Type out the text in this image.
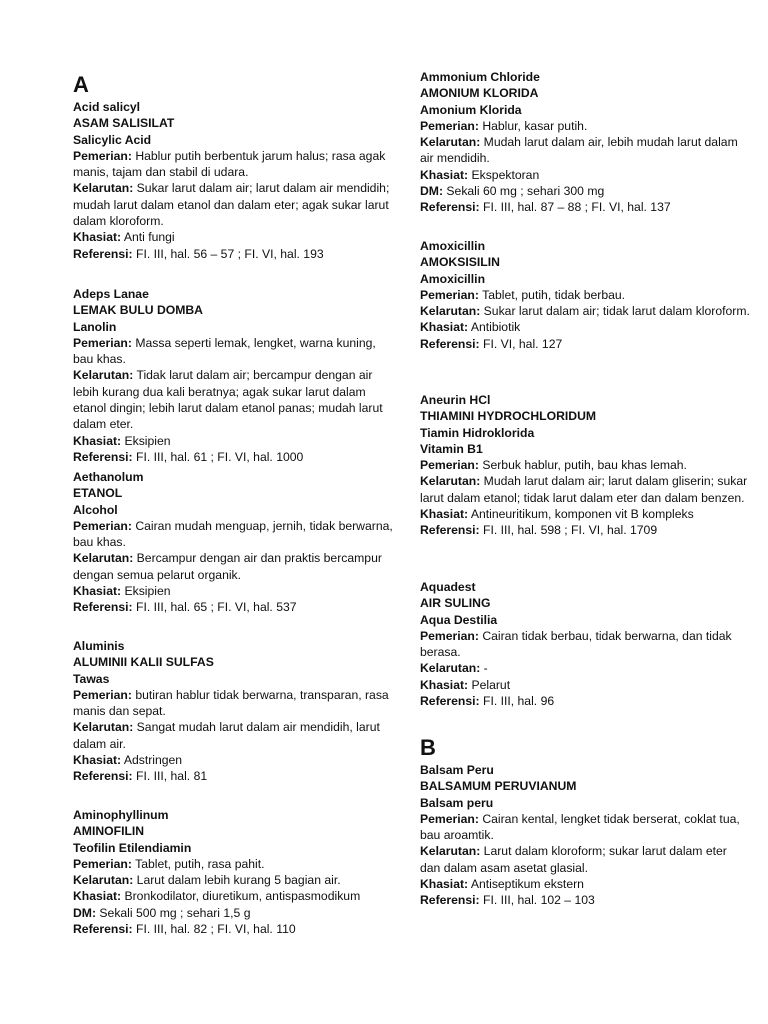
A
Acid salicyl
ASAM SALISILAT
Salicylic Acid
Pemerian: Hablur putih berbentuk jarum halus; rasa agak manis, tajam dan stabil di udara.
Kelarutan: Sukar larut dalam air; larut dalam air mendidih; mudah larut dalam etanol dan dalam eter; agak sukar larut dalam kloroform.
Khasiat: Anti fungi
Referensi: FI. III, hal. 56 – 57 ; FI. VI, hal. 193
Adeps Lanae
LEMAK BULU DOMBA
Lanolin
Pemerian: Massa seperti lemak, lengket, warna kuning, bau khas.
Kelarutan: Tidak larut dalam air; bercampur dengan air lebih kurang dua kali beratnya; agak sukar larut dalam etanol dingin; lebih larut dalam etanol panas; mudah larut dalam eter.
Khasiat: Eksipien
Referensi: FI. III, hal. 61 ; FI. VI, hal. 1000
Aethanolum
ETANOL
Alcohol
Pemerian: Cairan mudah menguap, jernih, tidak berwarna, bau khas.
Kelarutan: Bercampur dengan air dan praktis bercampur dengan semua pelarut organik.
Khasiat: Eksipien
Referensi: FI. III, hal. 65 ; FI. VI, hal. 537
Aluminis
ALUMINII KALII SULFAS
Tawas
Pemerian: butiran hablur tidak berwarna, transparan, rasa manis dan sepat.
Kelarutan: Sangat mudah larut dalam air mendidih, larut dalam air.
Khasiat: Adstringen
Referensi: FI. III, hal. 81
Aminophyllinum
AMINOFILIN
Teofilin Etilendiamin
Pemerian: Tablet, putih, rasa pahit.
Kelarutan: Larut dalam lebih kurang 5 bagian air.
Khasiat: Bronkodilator, diuretikum, antispasmodikum
DM: Sekali 500 mg ; sehari 1,5 g
Referensi: FI. III, hal. 82 ; FI. VI, hal. 110
Ammonium Chloride
AMONIUM KLORIDA
Amonium Klorida
Pemerian: Hablur, kasar putih.
Kelarutan: Mudah larut dalam air, lebih mudah larut dalam air mendidih.
Khasiat: Ekspektoran
DM: Sekali 60 mg ; sehari 300 mg
Referensi: FI. III, hal. 87 – 88 ; FI. VI, hal. 137
Amoxicillin
AMOKSISILIN
Amoxicillin
Pemerian: Tablet, putih, tidak berbau.
Kelarutan: Sukar larut dalam air; tidak larut dalam kloroform.
Khasiat: Antibiotik
Referensi: FI. VI, hal. 127
Aneurin HCl
THIAMINI HYDROCHLORIDUM
Tiamin Hidroklorida
Vitamin B1
Pemerian: Serbuk hablur, putih, bau khas lemah.
Kelarutan: Mudah larut dalam air; larut dalam gliserin; sukar larut dalam etanol; tidak larut dalam eter dan dalam benzen.
Khasiat: Antineuritikum, komponen vit B kompleks
Referensi: FI. III, hal. 598 ; FI. VI, hal. 1709
Aquadest
AIR SULING
Aqua Destilia
Pemerian: Cairan tidak berbau, tidak berwarna, dan tidak berasa.
Kelarutan: -
Khasiat: Pelarut
Referensi: FI. III, hal. 96
B
Balsam Peru
BALSAMUM PERUVIANUM
Balsam peru
Pemerian: Cairan kental, lengket tidak berserat, coklat tua, bau aroamtik.
Kelarutan: Larut dalam kloroform; sukar larut dalam eter dan dalam asam asetat glasial.
Khasiat: Antiseptikum ekstern
Referensi: FI. III, hal. 102 – 103
